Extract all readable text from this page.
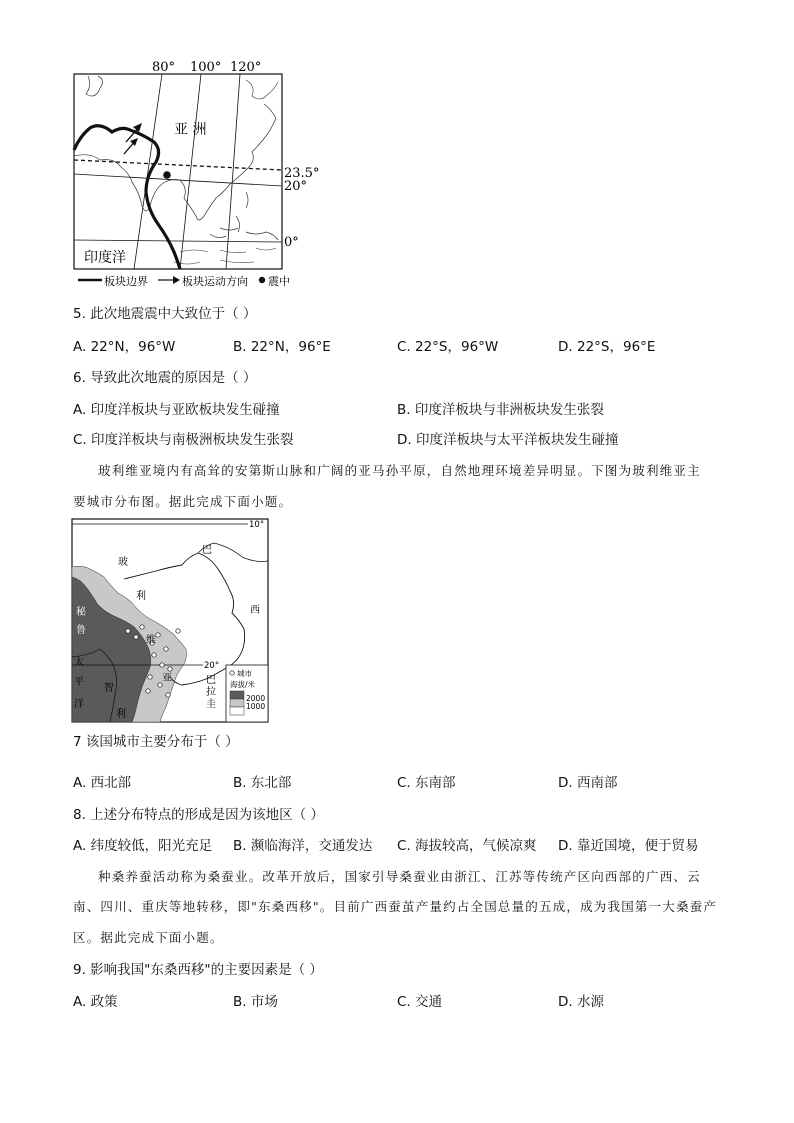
80° 100° 120°
亚 洲
23.5°
20°
0°
印度洋
板块边界	板块运动方向 震中
5. 此次地震震中大致位于（ ）
A. 22°N，96°W	B. 22°N，96°E	C. 22°S，96°W	D. 22°S，96°E
6. 导致此次地震的原因是（ ）
A. 印度洋板块与亚欧板块发生碰撞	B. 印度洋板块与非洲板块发生张裂
C. 印度洋板块与南极洲板块发生张裂	D. 印度洋板块与太平洋板块发生碰撞
玻利维亚境内有高耸的安第斯山脉和广阔的亚马孙平原，自然地理环境差异明显。下图为玻利维亚主
要城市分布图。据此完成下面小题。
10°
20°
玻
利
维
亚
巴
西
秘
鲁
智
利
太
平
洋
巴
拉
圭
城市
海拔/米
2000
1000
7 该国城市主要分布于（ ）
A. 西北部	B. 东北部	C. 东南部	D. 西南部
8. 上述分布特点的形成是因为该地区（ ）
A. 纬度较低，阳光充足 B. 濒临海洋，交通发达 C. 海拔较高，气候凉爽 D. 靠近国境，便于贸易
种桑养蚕活动称为桑蚕业。改革开放后，国家引导桑蚕业由浙江、江苏等传统产区向西部的广西、云
南、四川、重庆等地转移，即"东桑西移"。目前广西蚕茧产量约占全国总量的五成，成为我国第一大桑蚕产
区。据此完成下面小题。
9. 影响我国"东桑西移"的主要因素是（ ）
A. 政策	B. 市场	C. 交通	D. 水源
